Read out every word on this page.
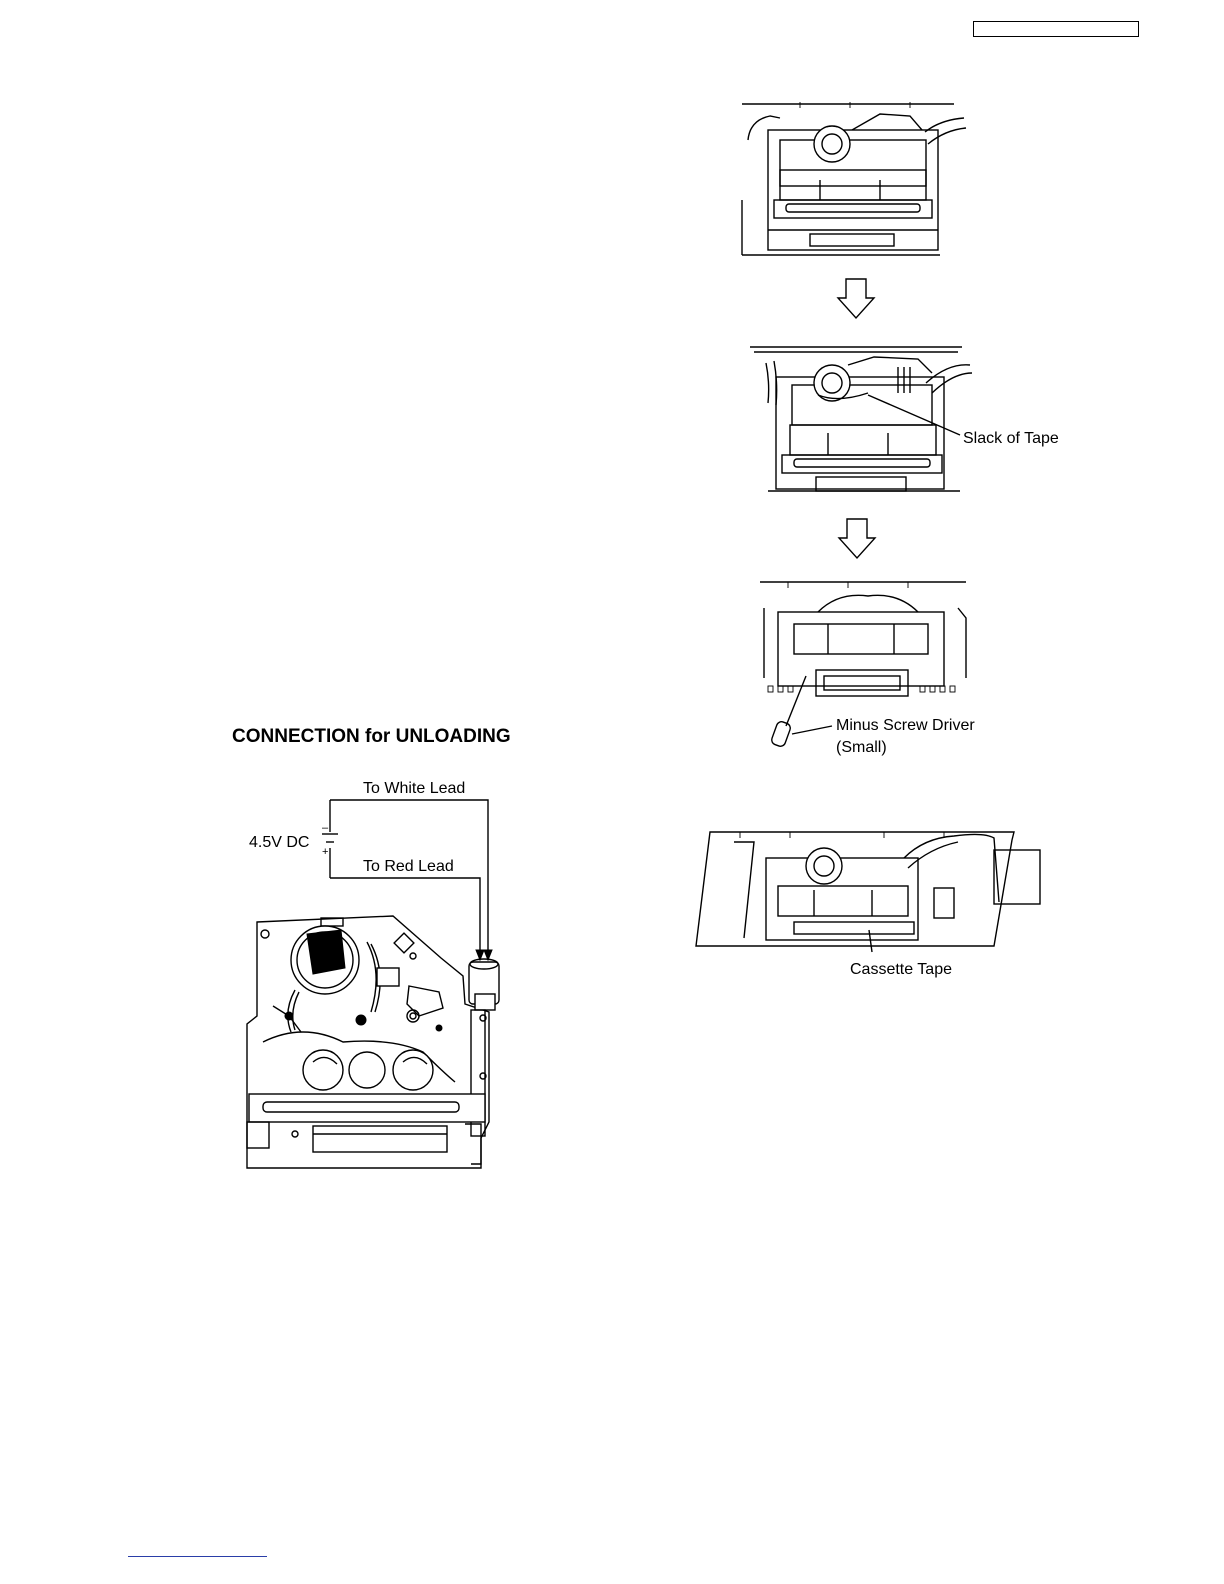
Slack of Tape
Minus Screw Driver
(Small)
Cassette Tape
CONNECTION for UNLOADING
To White Lead
To Red Lead
4.5V DC
–
+
